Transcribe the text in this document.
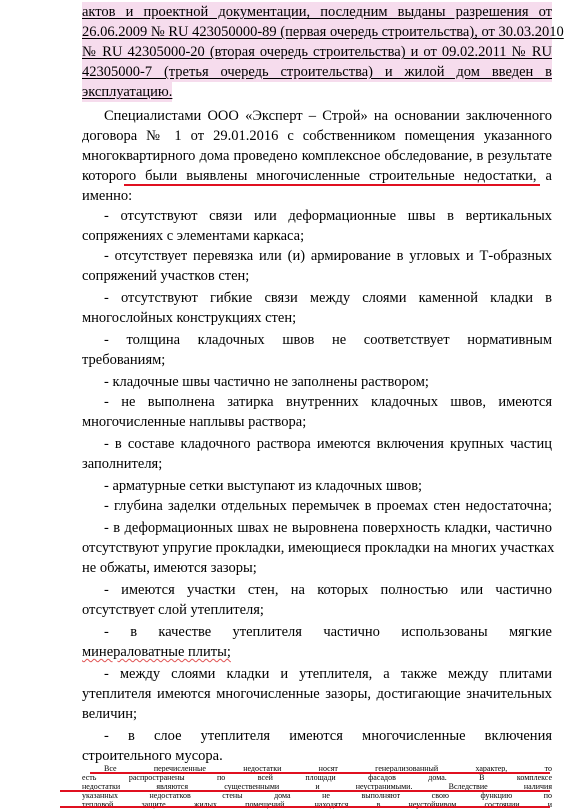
актов и проектной документации, последним выданы разрешения от
26.06.2009 № RU 423050000-89 (первая очередь строительства), от 30.03.2010
№ RU 42305000-20 (вторая очередь строительства) и от 09.02.2011 № RU
42305000-7 (третья очередь строительства) и жилой дом введен в
эксплуатацию.
Специалистами ООО «Эксперт – Строй» на основании заключенного
договора № 1 от 29.01.2016 с собственником помещения указанного
многоквартирного дома проведено комплексное обследование, в результате
которого были выявлены многочисленные строительные недостатки, а
именно:
- отсутствуют связи или деформационные швы в вертикальных
сопряжениях с элементами каркаса;
- отсутствует перевязка или (и) армирование в угловых и Т-образных
сопряжений участков стен;
- отсутствуют гибкие связи между слоями каменной кладки в
многослойных конструкциях стен;
- толщина кладочных швов не соответствует нормативным
требованиям;
- кладочные швы частично не заполнены раствором;
- не выполнена затирка внутренних кладочных швов, имеются
многочисленные наплывы раствора;
- в составе кладочного раствора имеются включения крупных частиц
заполнителя;
- арматурные сетки выступают из кладочных швов;
- глубина заделки отдельных перемычек в проемах стен недостаточна;
- в деформационных швах не выровнена поверхность кладки, частично
отсутствуют упругие прокладки, имеющиеся прокладки на многих участках
не обжаты, имеются зазоры;
- имеются участки стен, на которых полностью или частично
отсутствует слой утеплителя;
- в качестве утеплителя частично использованы мягкие
минераловатные плиты;
- между слоями кладки и утеплителя, а также между плитами
утеплителя имеются многочисленные зазоры, достигающие значительных
величин;
- в слое утеплителя имеются многочисленные включения
строительного мусора.
Все перечисленные недостатки носят генерализованный характер, то
есть распространены по всей площади фасадов дома. В комплексе
недостатки являются существенными и неустранимыми. Вследствие наличия
указанных недостатков стены дома не выполняют свою функцию по
тепловой защите жилых помещений, находятся в неустойчивом состоянии и
